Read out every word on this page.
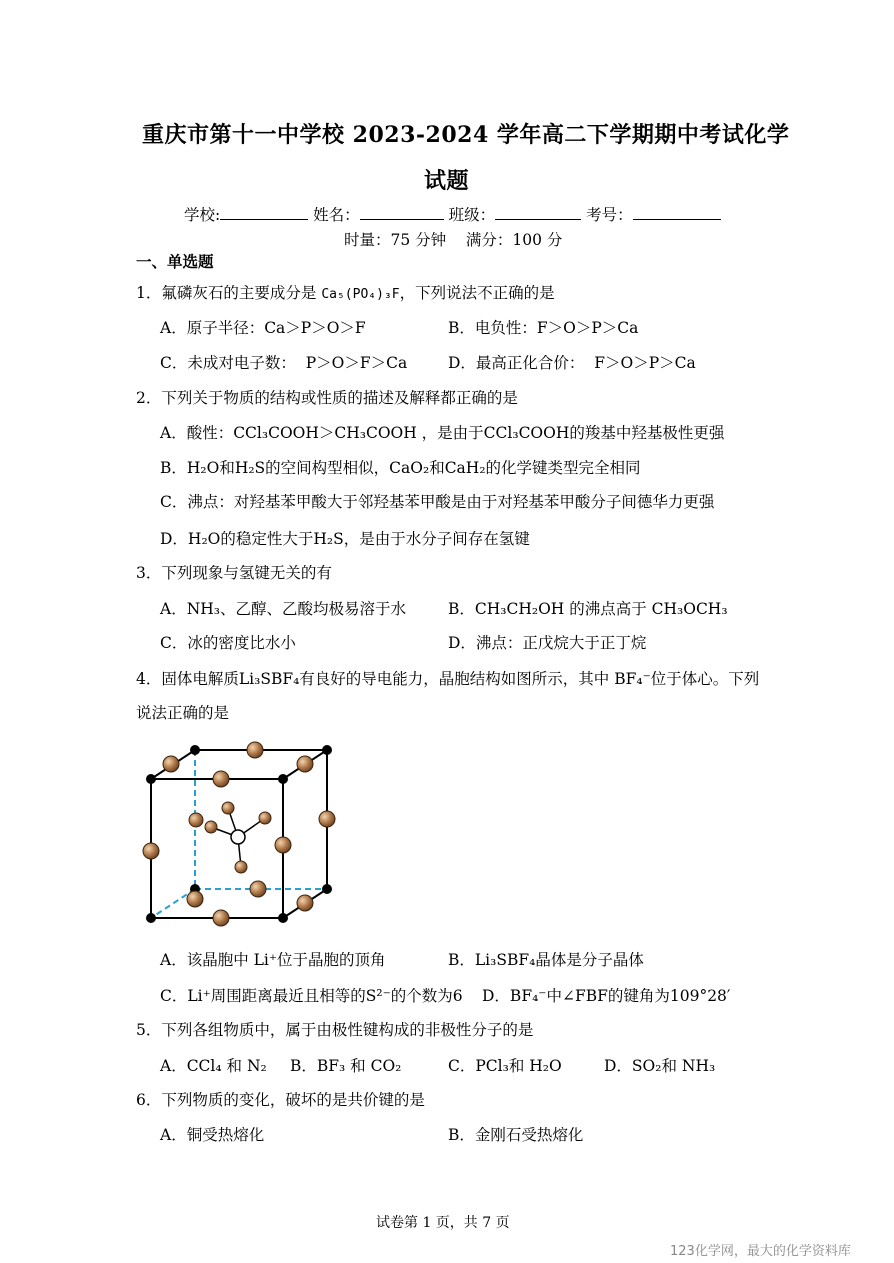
重庆市第十一中学校 2023-2024 学年高二下学期期中考试化学
试题
学校:	姓名：	班级：	考号：
时量：75 分钟    满分：100 分
一、单选题
1．氟磷灰石的主要成分是 Ca₅(PO₄)₃F，下列说法不正确的是
A．原子半径：Ca＞P＞O＞F	B．电负性：F＞O＞P＞Ca
C．未成对电子数：  P＞O＞F＞Ca	D．最高正化合价：  F＞O＞P＞Ca
2．下列关于物质的结构或性质的描述及解释都正确的是
A．酸性：CCl₃COOH＞CH₃COOH ，是由于CCl₃COOH的羧基中羟基极性更强
B．H₂O和H₂S的空间构型相似，CaO₂和CaH₂的化学键类型完全相同
C．沸点：对羟基苯甲酸大于邻羟基苯甲酸是由于对羟基苯甲酸分子间德华力更强
D．H₂O的稳定性大于H₂S，是由于水分子间存在氢键
3．下列现象与氢键无关的有
A．NH₃、乙醇、乙酸均极易溶于水	B．CH₃CH₂OH 的沸点高于 CH₃OCH₃
C．冰的密度比水小	D．沸点：正戊烷大于正丁烷
4．固体电解质Li₃SBF₄有良好的导电能力，晶胞结构如图所示，其中 BF₄⁻位于体心。下列
说法正确的是
A．该晶胞中 Li⁺位于晶胞的顶角	B．Li₃SBF₄晶体是分子晶体
C．Li⁺周围距离最近且相等的S²⁻的个数为6 D．BF₄⁻中∠FBF的键角为109°28′
5．下列各组物质中，属于由极性键构成的非极性分子的是
A．CCl₄ 和 N₂ B．BF₃ 和 CO₂	C．PCl₃和 H₂O	D．SO₂和 NH₃
6．下列物质的变化，破坏的是共价键的是
A．铜受热熔化	B．金刚石受热熔化
试卷第 1 页，共 7 页
123化学网，最大的化学资料库
